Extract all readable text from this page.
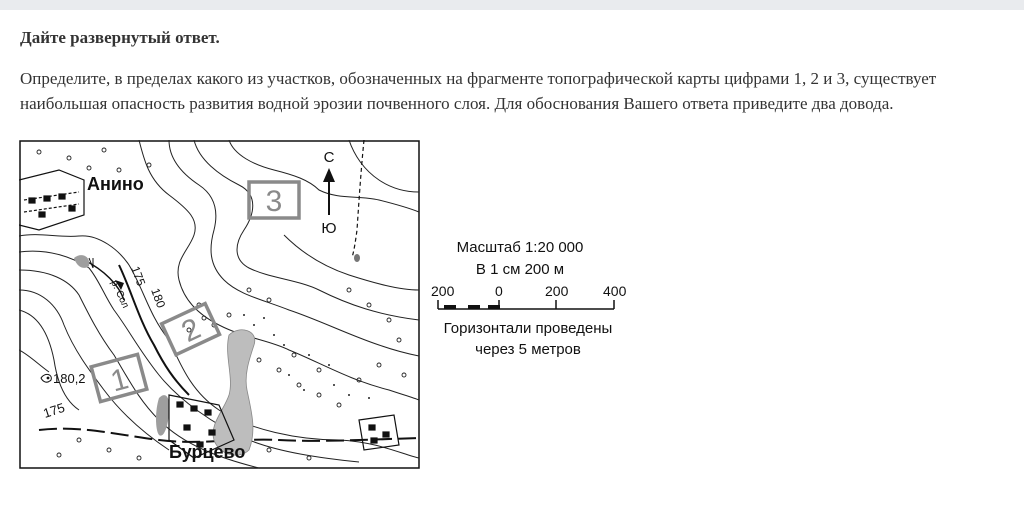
Дайте развернутый ответ.
Определите, в пределах какого из участков, обозначенных на фрагменте топографической карты цифрами 1, 2 и 3, существует наибольшая опасность развития водной эрозии почвенного слоя. Для обоснования Вашего ответа приведите два довода.
3
2
1
С
Ю
Анино
Бурцево
180,2
175
180
175
р. Сол
Масштаб 1:20 000
В 1 см 200 м
200	0	200 400
Горизонтали проведены через 5 метров
